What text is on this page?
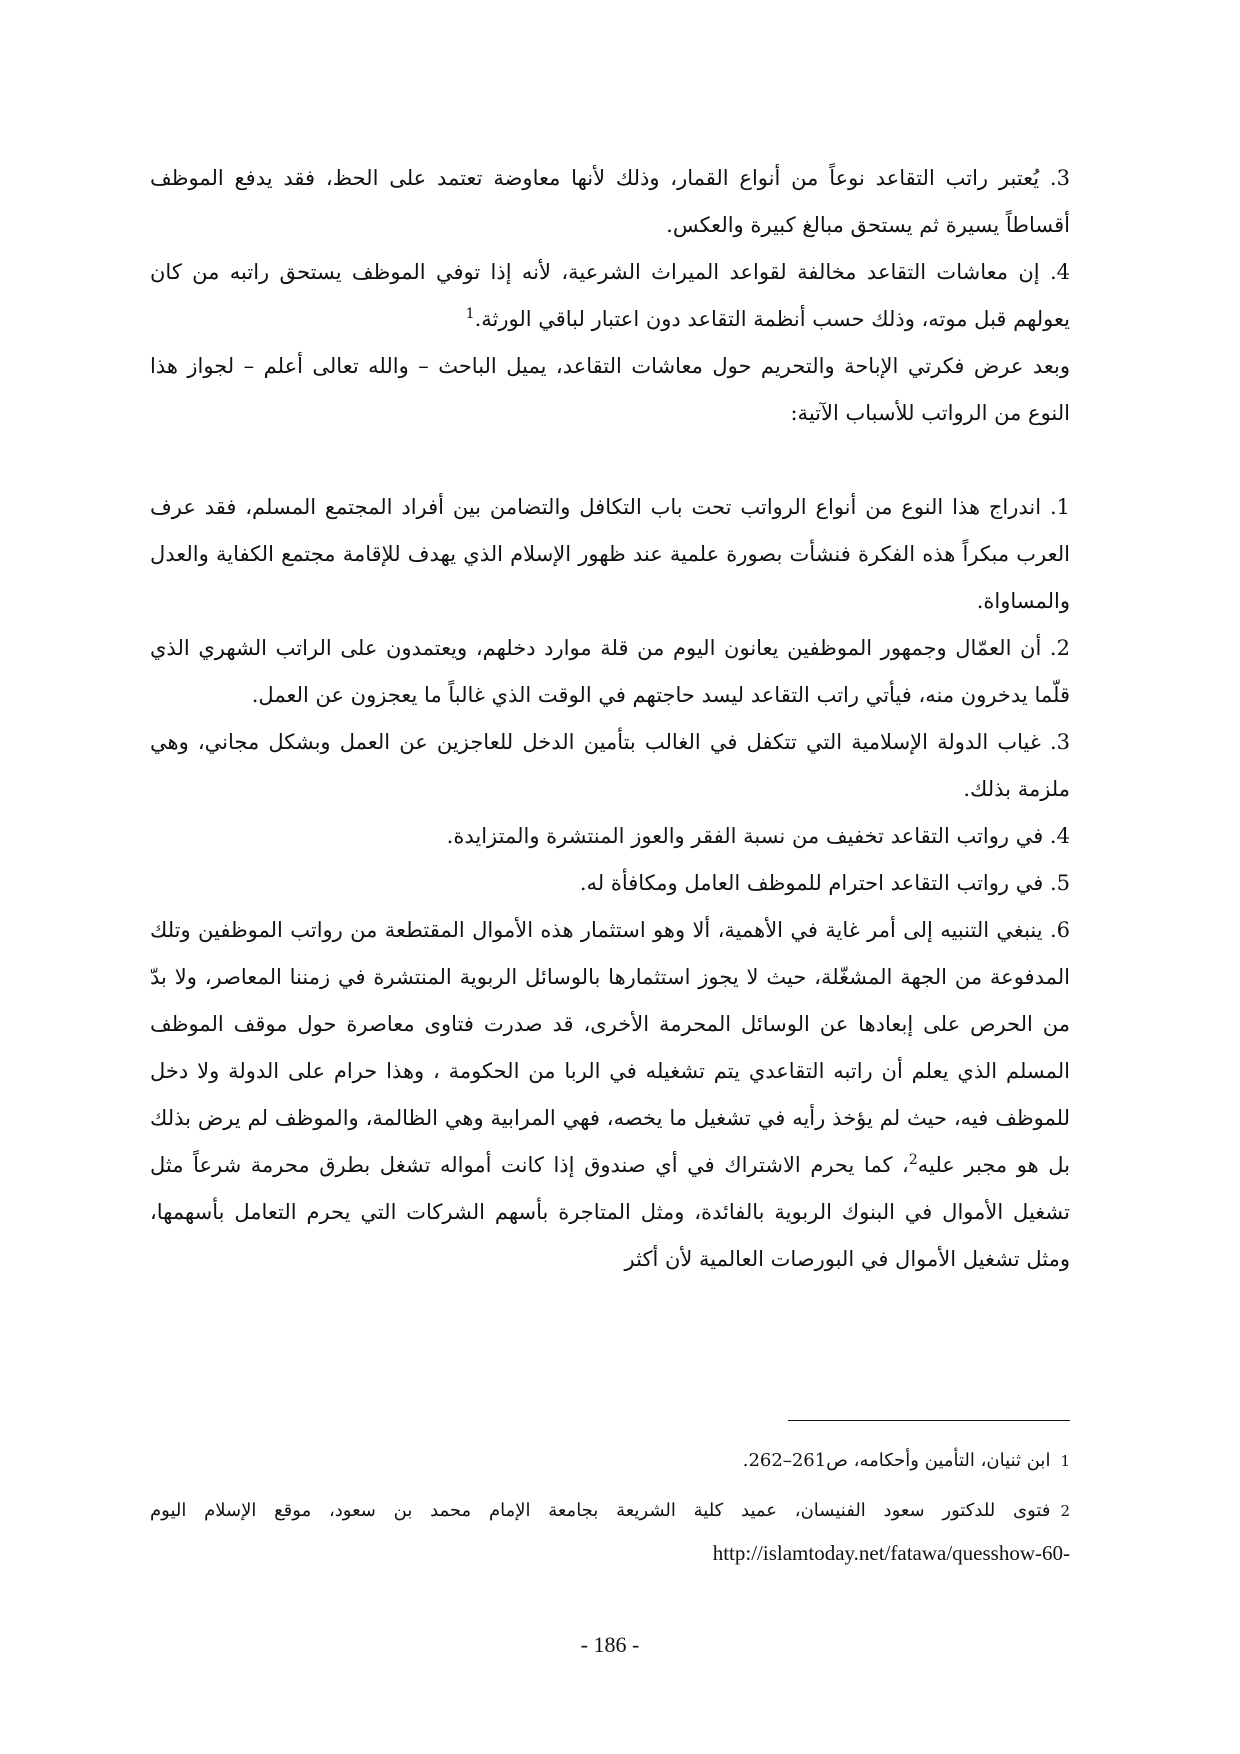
3. يُعتبر راتب التقاعد نوعاً من أنواع القمار، وذلك لأنها معاوضة تعتمد على الحظ، فقد يدفع الموظف أقساطاً يسيرة ثم يستحق مبالغ كبيرة والعكس.

4. إن معاشات التقاعد مخالفة لقواعد الميراث الشرعية، لأنه إذا توفي الموظف يستحق راتبه من كان يعولهم قبل موته، وذلك حسب أنظمة التقاعد دون اعتبار لباقي الورثة.$^1$

وبعد عرض فكرتي الإباحة والتحريم حول معاشات التقاعد، يميل الباحث – والله تعالى أعلم – لجواز هذا النوع من الرواتب للأسباب الآتية:

1. اندراج هذا النوع من أنواع الرواتب تحت باب التكافل والتضامن بين أفراد المجتمع المسلم، فقد عرف العرب مبكراً هذه الفكرة فنشأت بصورة علمية عند ظهور الإسلام الذي يهدف للإقامة مجتمع الكفاية والعدل والمساواة.

2. أن العمّال وجمهور الموظفين يعانون اليوم من قلة موارد دخلهم، ويعتمدون على الراتب الشهري الذي قلّما يدخرون منه، فيأتي راتب التقاعد ليسد حاجتهم في الوقت الذي غالباً ما يعجزون عن العمل.

3. غياب الدولة الإسلامية التي تتكفل في الغالب بتأمين الدخل للعاجزين عن العمل وبشكل مجاني، وهي ملزمة بذلك.

4. في رواتب التقاعد تخفيف من نسبة الفقر والعوز المنتشرة والمتزايدة.

5. في رواتب التقاعد احترام للموظف العامل ومكافأة له.

6. ينبغي التنبيه إلى أمر غاية في الأهمية، ألا وهو استثمار هذه الأموال المقتطعة من رواتب الموظفين وتلك المدفوعة من الجهة المشغّلة، حيث لا يجوز استثمارها بالوسائل الربوية المنتشرة في زمننا المعاصر، ولا بدّ من الحرص على إبعادها عن الوسائل المحرمة الأخرى، قد صدرت فتاوى معاصرة حول موقف الموظف المسلم الذي يعلم أن راتبه التقاعدي يتم تشغيله في الربا من الحكومة ، وهذا حرام على الدولة ولا دخل للموظف فيه، حيث لم يؤخذ رأيه في تشغيل ما يخصه، فهي المرابية وهي الظالمة، والموظف لم يرض بذلك بل هو مجبر عليه$^2$، كما يحرم الاشتراك في أي صندوق إذا كانت أمواله تشغل بطرق محرمة شرعاً مثل تشغيل الأموال في البنوك الربوية بالفائدة، ومثل المتاجرة بأسهم الشركات التي يحرم التعامل بأسهمها، ومثل تشغيل الأموال في البورصات العالمية لأن أكثر

1ابن ثنيان، التأمين وأحكامه، ص261–262.

2فتوى للدكتور سعود الفنيسان، عميد كلية الشريعة بجامعة الإمام محمد بن سعود، موقع الإسلام اليوم http://islamtoday.net/fatawa/quesshow-60-

- 186 -
